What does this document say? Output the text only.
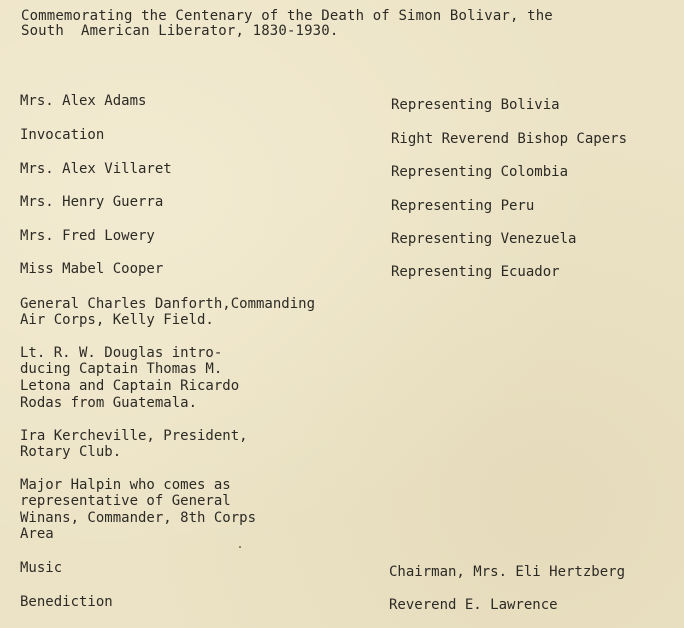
Commemorating the Centenary of the Death of Simon Bolivar, the
South  American Liberator, 1830-1930.
Mrs. Alex Adams	Representing Bolivia
Invocation	Right Reverend Bishop Capers
Mrs. Alex Villaret	Representing Colombia
Mrs. Henry Guerra	Representing Peru
Mrs. Fred Lowery	Representing Venezuela
Miss Mabel Cooper	Representing Ecuador
General Charles Danforth,Commanding
Air Corps, Kelly Field.
Lt. R. W. Douglas intro-
ducing Captain Thomas M.
Letona and Captain Ricardo
Rodas from Guatemala.
Ira Kercheville, President,
Rotary Club.
Major Halpin who comes as
representative of General
Winans, Commander, 8th Corps
Area
Music	Chairman, Mrs. Eli Hertzberg
Benediction	Reverend E. Lawrence
